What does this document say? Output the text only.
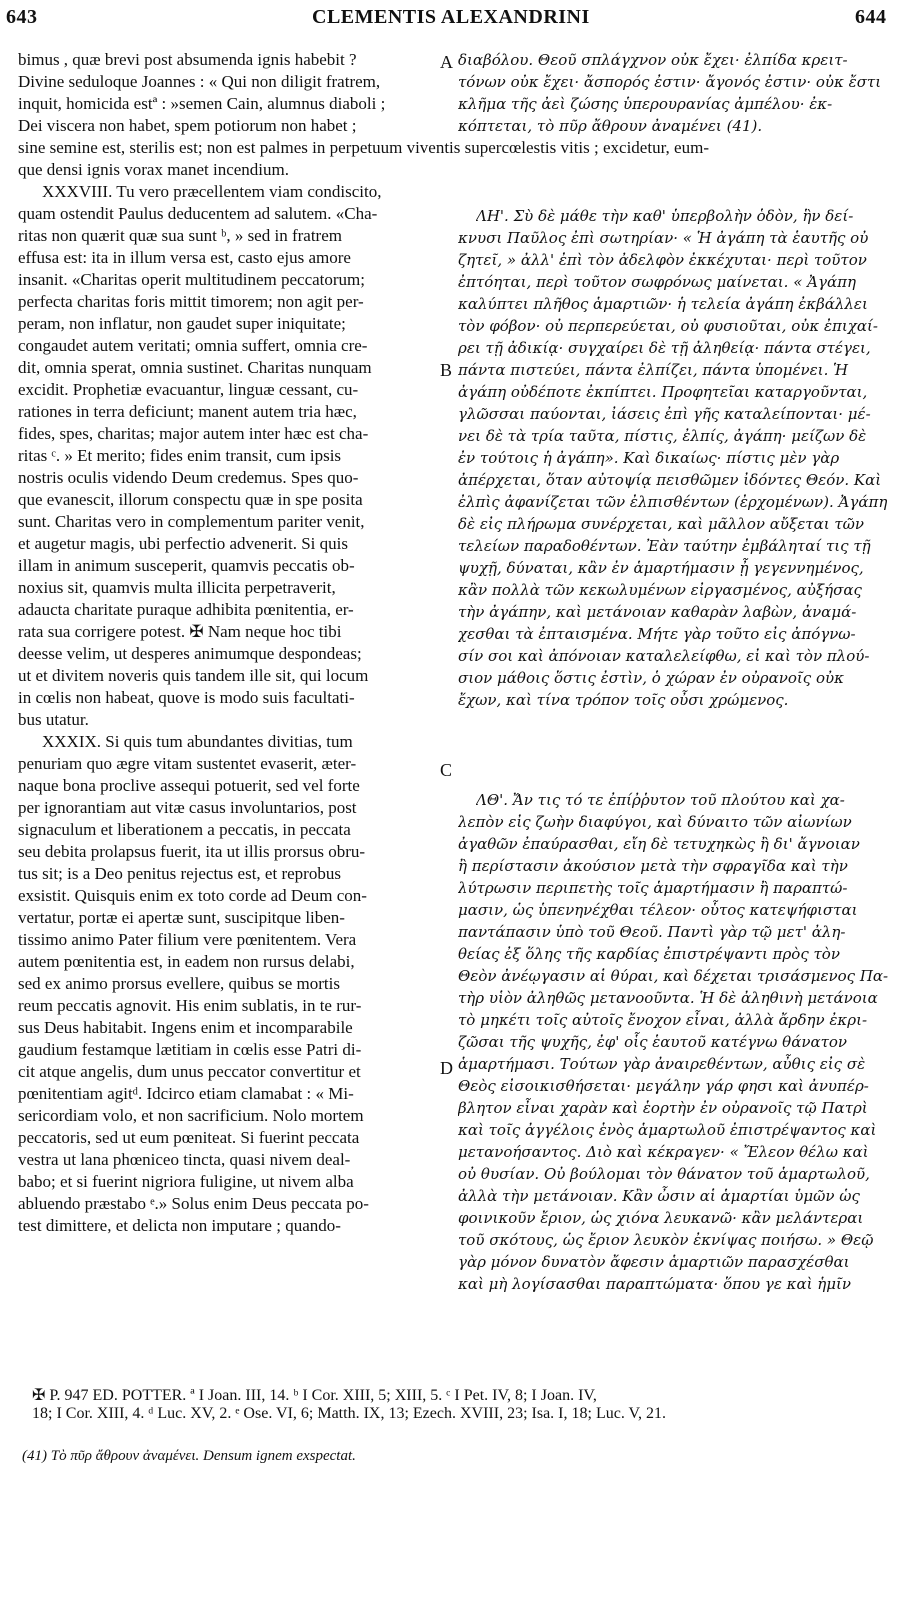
643	CLEMENTIS ALEXANDRINI	644
bimus , quæ brevi post absumenda ignis habebit ?
Divine seduloque Joannes : « Qui non diligit fratrem,
inquit, homicida estª : »semen Cain, alumnus diaboli ;
Dei viscera non habet, spem potiorum non habet ;
sine semine est, sterilis est; non est palmes in perpetuum viventis supercœlestis vitis ; excidetur, eum-
que densi ignis vorax manet incendium.
XXXVIII. Tu vero præcellentem viam condiscito,
quam ostendit Paulus deducentem ad salutem. «Cha-
ritas non quærit quæ sua sunt ᵇ, » sed in fratrem
effusa est: ita in illum versa est, casto ejus amore
insanit. «Charitas operit multitudinem peccatorum;
perfecta charitas foris mittit timorem; non agit per-
peram, non inflatur, non gaudet super iniquitate;
congaudet autem veritati; omnia suffert, omnia cre-
dit, omnia sperat, omnia sustinet. Charitas nunquam
excidit. Prophetiæ evacuantur, linguæ cessant, cu-
rationes in terra deficiunt; manent autem tria hæc,
fides, spes, charitas; major autem inter hæc est cha-
ritas ᶜ. » Et merito; fides enim transit, cum ipsis
nostris oculis videndo Deum credemus. Spes quo-
que evanescit, illorum conspectu quæ in spe posita
sunt. Charitas vero in complementum pariter venit,
et augetur magis, ubi perfectio advenerit. Si quis
illam in animum susceperit, quamvis peccatis ob-
noxius sit, quamvis multa illicita perpetraverit,
adaucta charitate puraque adhibita pœnitentia, er-
rata sua corrigere potest. ✠ Nam neque hoc tibi
deesse velim, ut desperes animumque despondeas;
ut et divitem noveris quis tandem ille sit, qui locum
in cœlis non habeat, quove is modo suis facultati-
bus utatur.
XXXIX. Si quis tum abundantes divitias, tum
penuriam quo ægre vitam sustentet evaserit, æter-
naque bona proclive assequi potuerit, sed vel forte
per ignorantiam aut vitæ casus involuntarios, post
signaculum et liberationem a peccatis, in peccata
seu debita prolapsus fuerit, ita ut illis prorsus obru-
tus sit; is a Deo penitus rejectus est, et reprobus
exsistit. Quisquis enim ex toto corde ad Deum con-
vertatur, portæ ei apertæ sunt, suscipitque liben-
tissimo animo Pater filium vere pœnitentem. Vera
autem pœnitentia est, in eadem non rursus delabi,
sed ex animo prorsus evellere, quibus se mortis
reum peccatis agnovit. His enim sublatis, in te rur-
sus Deus habitabit. Ingens enim et incomparabile
gaudium festamque lætitiam in cœlis esse Patri di-
cit atque angelis, dum unus peccator convertitur et
pœnitentiam agitᵈ. Idcirco etiam clamabat : « Mi-
sericordiam volo, et non sacrificium. Nolo mortem
peccatoris, sed ut eum pœniteat. Si fuerint peccata
vestra ut lana phœniceo tincta, quasi nivem deal-
babo; et si fuerint nigriora fuligine, ut nivem alba
abluendo præstabo ᵉ.» Solus enim Deus peccata po-
test dimittere, et delicta non imputare ; quando-
διαβόλου. Θεοῦ σπλάγχνον οὐκ ἔχει· ἐλπίδα κρειτ-
τόνων οὐκ ἔχει· ἄσπορός ἐστιν· ἄγονός ἐστιν· οὐκ ἔστι
κλῆμα τῆς ἀεὶ ζώσης ὑπερουρανίας ἀμπέλου· ἐκ-
κόπτεται, τὸ πῦρ ἄθρουν ἀναμένει (41).
ΛΗ'. Σὺ δὲ μάθε τὴν καθ' ὑπερβολὴν ὁδὸν, ἣν δεί-
κνυσι Παῦλος ἐπὶ σωτηρίαν· « Ἡ ἀγάπη τὰ ἑαυτῆς οὐ
ζητεῖ, » ἀλλ' ἐπὶ τὸν ἀδελφὸν ἐκκέχυται· περὶ τοῦτον
ἐπτόηται, περὶ τοῦτον σωφρόνως μαίνεται. « Ἀγάπη
καλύπτει πλῆθος ἁμαρτιῶν· ἡ τελεία ἀγάπη ἐκβάλλει
τὸν φόβον· οὐ περπερεύεται, οὐ φυσιοῦται, οὐκ ἐπιχαί-
ρει τῇ ἀδικίᾳ· συγχαίρει δὲ τῇ ἀληθείᾳ· πάντα στέγει,
πάντα πιστεύει, πάντα ἐλπίζει, πάντα ὑπομένει. Ἡ
ἀγάπη οὐδέποτε ἐκπίπτει. Προφητεῖαι καταργοῦνται,
γλῶσσαι παύονται, ἰάσεις ἐπὶ γῆς καταλείπονται· μέ-
νει δὲ τὰ τρία ταῦτα, πίστις, ἐλπίς, ἀγάπη· μείζων δὲ
ἐν τούτοις ἡ ἀγάπη». Καὶ δικαίως· πίστις μὲν γὰρ
ἀπέρχεται, ὅταν αὐτοψίᾳ πεισθῶμεν ἰδόντες Θεόν. Καὶ
ἐλπὶς ἀφανίζεται τῶν ἐλπισθέντων (ἐρχομένων). Ἀγάπη
δὲ εἰς πλήρωμα συνέρχεται, καὶ μᾶλλον αὔξεται τῶν
τελείων παραδοθέντων. Ἐὰν ταύτην ἐμβάληταί τις τῇ
ψυχῇ, δύναται, κἂν ἐν ἁμαρτήμασιν ᾖ γεγεννημένος,
κἂν πολλὰ τῶν κεκωλυμένων εἰργασμένος, αὐξήσας
τὴν ἀγάπην, καὶ μετάνοιαν καθαρὰν λαβὼν, ἀναμά-
χεσθαι τὰ ἐπταισμένα. Μήτε γὰρ τοῦτο εἰς ἀπόγνω-
σίν σοι καὶ ἀπόνοιαν καταλελείφθω, εἰ καὶ τὸν πλού-
σιον μάθοις ὅστις ἐστὶν, ὁ χώραν ἐν οὐρανοῖς οὐκ
ἔχων, καὶ τίνα τρόπον τοῖς οὖσι χρώμενος.
ΛΘ'. Ἄν τις τό τε ἐπίῤῥυτον τοῦ πλούτου καὶ χα-
λεπὸν εἰς ζωὴν διαφύγοι, καὶ δύναιτο τῶν αἰωνίων
ἀγαθῶν ἐπαύρασθαι, εἴη δὲ τετυχηκὼς ἢ δι' ἄγνοιαν
ἢ περίστασιν ἀκούσιον μετὰ τὴν σφραγῖδα καὶ τὴν
λύτρωσιν περιπετὴς τοῖς ἁμαρτήμασιν ἢ παραπτώ-
μασιν, ὡς ὑπενηνέχθαι τέλεον· οὗτος κατεψήφισται
παντάπασιν ὑπὸ τοῦ Θεοῦ. Παντὶ γὰρ τῷ μετ' ἀλη-
θείας ἐξ ὅλης τῆς καρδίας ἐπιστρέψαντι πρὸς τὸν
Θεὸν ἀνέῳγασιν αἱ θύραι, καὶ δέχεται τρισάσμενος Πα-
τὴρ υἱὸν ἀληθῶς μετανοοῦντα. Ἡ δὲ ἀληθινὴ μετάνοια
τὸ μηκέτι τοῖς αὐτοῖς ἔνοχον εἶναι, ἀλλὰ ἄρδην ἐκρι-
ζῶσαι τῆς ψυχῆς, ἐφ' οἷς ἑαυτοῦ κατέγνω θάνατον
ἁμαρτήμασι. Τούτων γὰρ ἀναιρεθέντων, αὖθις εἰς σὲ
Θεὸς εἰσοικισθήσεται· μεγάλην γάρ φησι καὶ ἀνυπέρ-
βλητον εἶναι χαρὰν καὶ ἑορτὴν ἐν οὐρανοῖς τῷ Πατρὶ
καὶ τοῖς ἀγγέλοις ἑνὸς ἁμαρτωλοῦ ἐπιστρέψαντος καὶ
μετανοήσαντος. Διὸ καὶ κέκραγεν· « Ἔλεον θέλω καὶ
οὐ θυσίαν. Οὐ βούλομαι τὸν θάνατον τοῦ ἁμαρτωλοῦ,
ἀλλὰ τὴν μετάνοιαν. Κἂν ὦσιν αἱ ἁμαρτίαι ὑμῶν ὡς
φοινικοῦν ἔριον, ὡς χιόνα λευκανῶ· κἂν μελάντεραι
τοῦ σκότους, ὡς ἔριον λευκὸν ἐκνίψας ποιήσω. » Θεῷ
γὰρ μόνον δυνατὸν ἄφεσιν ἁμαρτιῶν παρασχέσθαι
καὶ μὴ λογίσασθαι παραπτώματα· ὅπου γε καὶ ἡμῖν
A
B
C
D
✠ P. 947 ED. POTTER. ª I Joan. III, 14. ᵇ I Cor. XIII, 5; XIII, 5. ᶜ I Pet. IV, 8; I Joan. IV,
18; I Cor. XIII, 4. ᵈ Luc. XV, 2. ᵉ Ose. VI, 6; Matth. IX, 13; Ezech. XVIII, 23; Isa. I, 18; Luc. V, 21.
(41) Τὸ πῦρ ἄθρουν ἀναμένει. Densum ignem exspectat.
